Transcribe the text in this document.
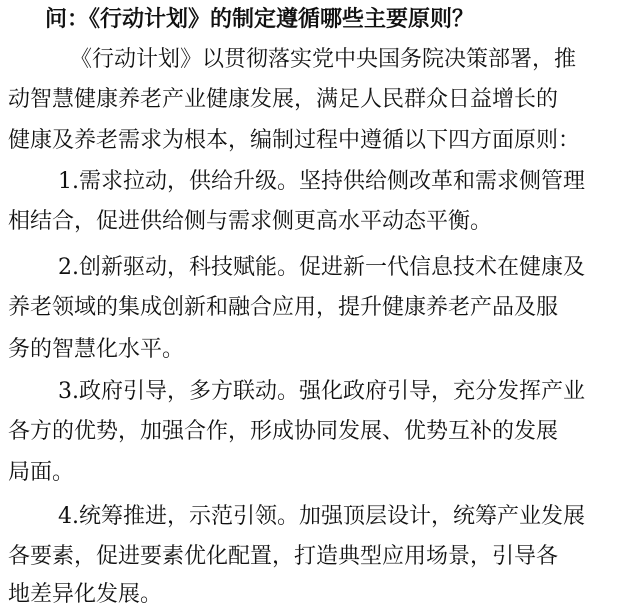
问：《行动计划》的制定遵循哪些主要原则？
《行动计划》以贯彻落实党中央国务院决策部署，推
动智慧健康养老产业健康发展，满足人民群众日益增长的
健康及养老需求为根本，编制过程中遵循以下四方面原则：
1.需求拉动，供给升级。坚持供给侧改革和需求侧管理
相结合，促进供给侧与需求侧更高水平动态平衡。
2.创新驱动，科技赋能。促进新一代信息技术在健康及
养老领域的集成创新和融合应用，提升健康养老产品及服
务的智慧化水平。
3.政府引导，多方联动。强化政府引导，充分发挥产业
各方的优势，加强合作，形成协同发展、优势互补的发展
局面。
4.统筹推进，示范引领。加强顶层设计，统筹产业发展
各要素，促进要素优化配置，打造典型应用场景，引导各
地差异化发展。
